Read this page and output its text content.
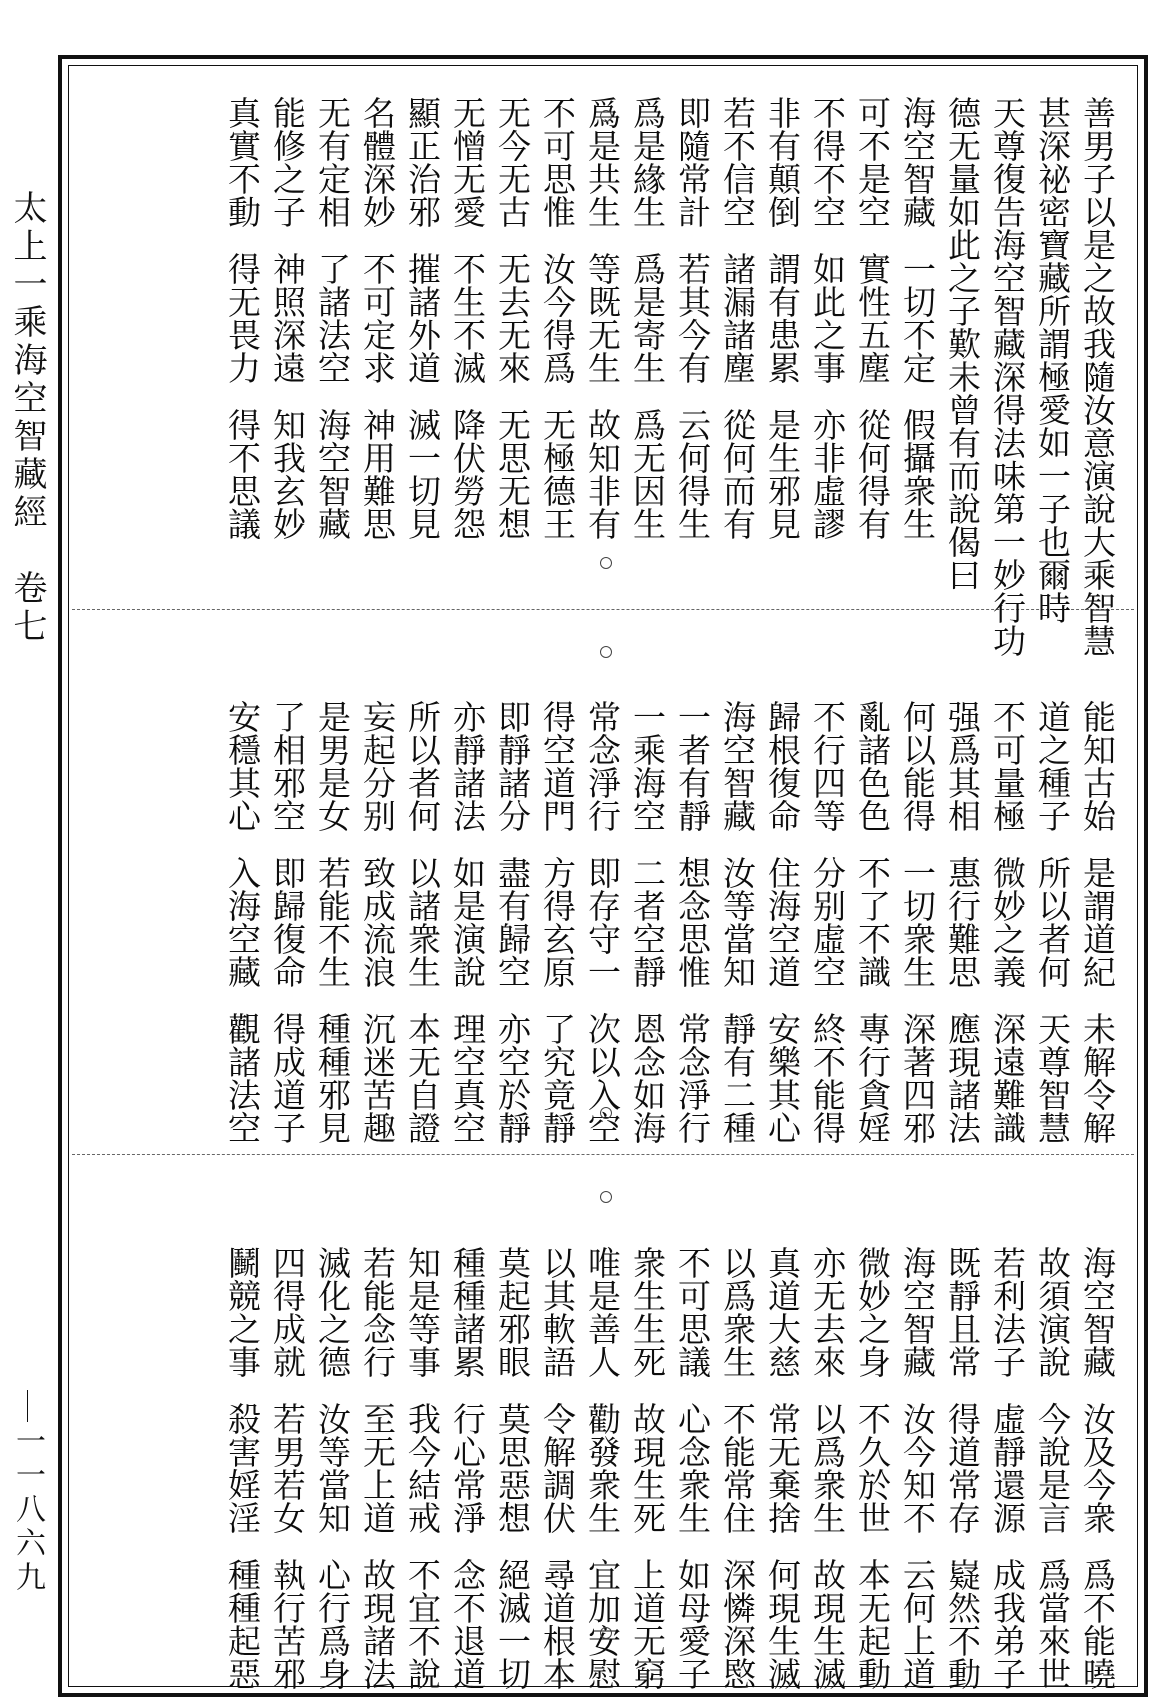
太上一乘海空智藏經　卷七
一一八六九
善男子以是之故我隨汝意演說大乘智慧
甚深祕密寶藏所謂極愛如一子也爾時
天尊復告海空智藏深得法味第一妙行功
德无量如此之子歎未曾有而說偈曰
海空智藏一切不定假攝衆生
可不是空實性五塵從何得有
不得不空如此之事亦非虛謬
非有顛倒謂有患累是生邪見
若不信空諸漏諸塵從何而有
即隨常計若其今有云何得生
爲是緣生爲是寄生爲无因生
爲是共生等既无生故知非有
不可思惟汝今得爲无極德王
无今无古无去无來无思无想
无憎无愛不生不滅降伏勞怨
顯正治邪摧諸外道滅一切見
名體深妙不可定求神用難思
无有定相了諸法空海空智藏
能修之子神照深遠知我玄妙
真實不動得无畏力得不思議
能知古始是謂道紀未解令解
道之種子所以者何天尊智慧
不可量極微妙之義深遠難識
强爲其相惠行難思應現諸法
何以能得一切衆生深著四邪
亂諸色色不了不識專行貪婬
不行四等分别虛空終不能得
歸根復命住海空道安樂其心
海空智藏汝等當知靜有二種
一者有靜想念思惟常念淨行
一乘海空二者空靜恩念如海
常念淨行即存守一次以入空
得空道門方得玄原了究竟靜
即靜諸分盡有歸空亦空於靜
亦靜諸法如是演說理空真空
所以者何以諸衆生本无自證
妄起分别致成流浪沉迷苦趣
是男是女若能不生種種邪見
了相邪空即歸復命得成道子
安穩其心入海空藏觀諸法空
海空智藏汝及今衆爲不能曉
故須演說今說是言爲當來世
若利法子虛靜還源成我弟子
既靜且常得道常存嶷然不動
海空智藏汝今知不云何上道
微妙之身不久於世本无起動
亦无去來以爲衆生故現生滅
真道大慈常无棄捨何現生滅
以爲衆生不能常住深憐深愍
不可思議心念衆生如母愛子
衆生生死故現生死上道无窮
唯是善人勸發衆生宜加安慰
以其軟語令解調伏尋道根本
莫起邪眼莫思惡想絕滅一切
種種諸累行心常淨念不退道
知是等事我今結戒不宜不說
若能念行至无上道故現諸法
滅化之德汝等當知心行爲身
四得成就若男若女執行苦邪
鬭競之事殺害婬淫種種起惡
